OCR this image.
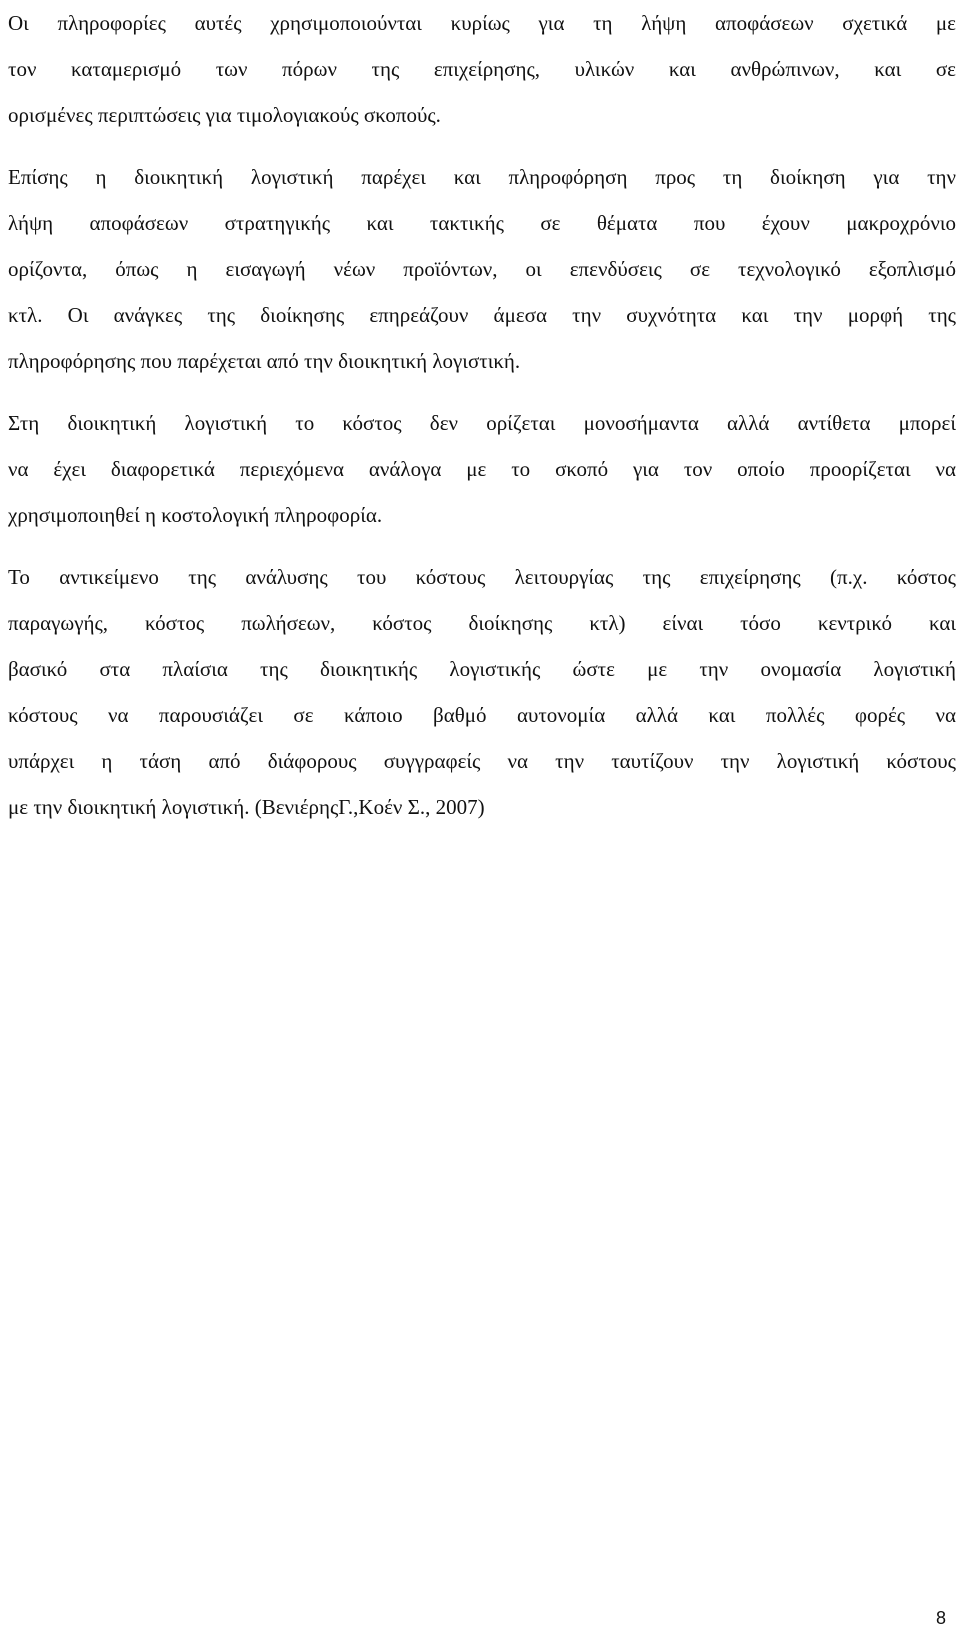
Οι πληροφορίες αυτές χρησιμοποιούνται κυρίως για τη λήψη αποφάσεων σχετικά με
τον καταμερισμό των πόρων της επιχείρησης, υλικών και ανθρώπινων, και σε
ορισμένες περιπτώσεις για τιμολογιακούς σκοπούς.

Επίσης η διοικητική λογιστική παρέχει και πληροφόρηση προς τη διοίκηση για την
λήψη αποφάσεων στρατηγικής και τακτικής σε θέματα που έχουν μακροχρόνιο
ορίζοντα, όπως η εισαγωγή νέων προϊόντων, οι επενδύσεις σε τεχνολογικό εξοπλισμό
κτλ. Οι ανάγκες της διοίκησης επηρεάζουν άμεσα την συχνότητα και την μορφή της
πληροφόρησης που παρέχεται από την διοικητική λογιστική.

Στη διοικητική λογιστική το κόστος δεν ορίζεται μονοσήμαντα αλλά αντίθετα μπορεί
να έχει διαφορετικά περιεχόμενα ανάλογα με το σκοπό για τον οποίο προορίζεται να
χρησιμοποιηθεί η κοστολογική πληροφορία.

Το αντικείμενο της ανάλυσης του κόστους λειτουργίας της επιχείρησης (π.χ. κόστος
παραγωγής, κόστος πωλήσεων, κόστος διοίκησης κτλ) είναι τόσο κεντρικό και
βασικό στα πλαίσια της διοικητικής λογιστικής ώστε με την ονομασία λογιστική
κόστους να παρουσιάζει σε κάποιο βαθμό αυτονομία αλλά και πολλές φορές να
υπάρχει η τάση από διάφορους συγγραφείς να την ταυτίζουν την λογιστική κόστους
με την διοικητική λογιστική. (ΒενιέρηςΓ.,Κοέν Σ., 2007)

8
